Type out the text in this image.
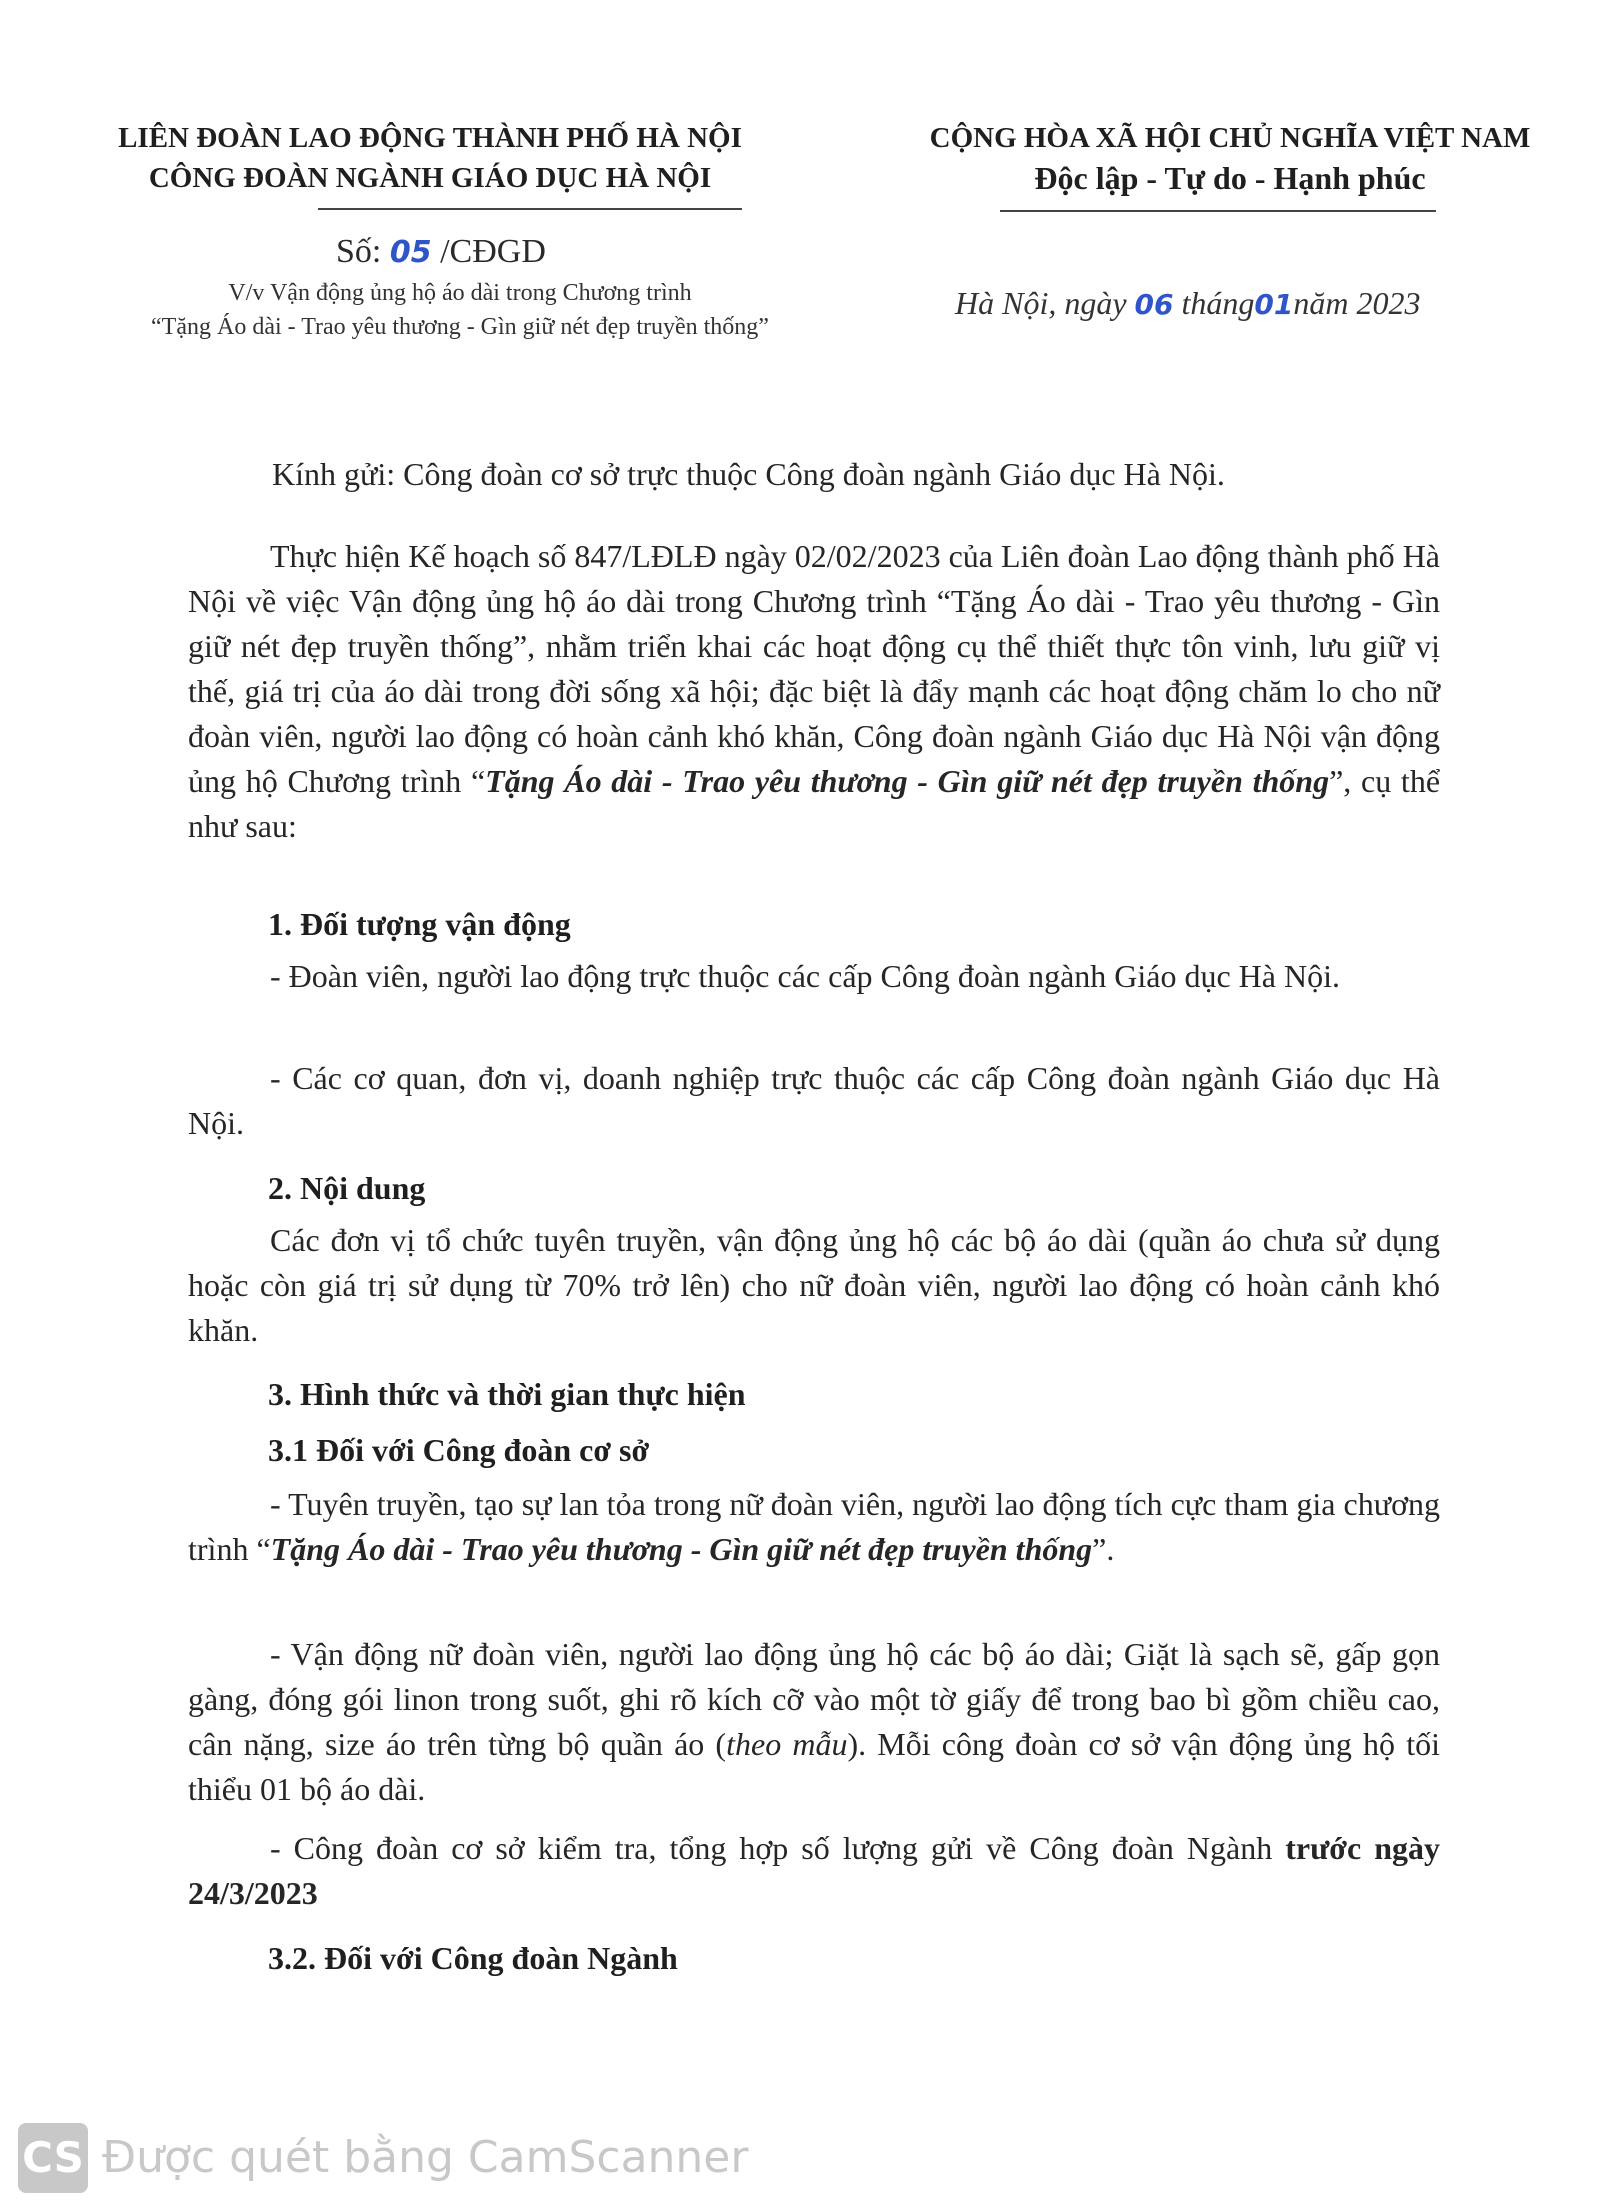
LIÊN ĐOÀN LAO ĐỘNG THÀNH PHỐ HÀ NỘI
CÔNG ĐOÀN NGÀNH GIÁO DỤC HÀ NỘI
CỘNG HÒA XÃ HỘI CHỦ NGHĨA VIỆT NAM
Độc lập - Tự do - Hạnh phúc
Số: 05 /CĐGD
V/v Vận động ủng hộ áo dài trong Chương trình
“Tặng Áo dài - Trao yêu thương - Gìn giữ nét đẹp truyền thống”
Hà Nội, ngày 06 tháng01năm 2023
Kính gửi: Công đoàn cơ sở trực thuộc Công đoàn ngành Giáo dục Hà Nội.
Thực hiện Kế hoạch số 847/LĐLĐ ngày 02/02/2023 của Liên đoàn Lao động thành phố Hà Nội về việc Vận động ủng hộ áo dài trong Chương trình “Tặng Áo dài - Trao yêu thương - Gìn giữ nét đẹp truyền thống”, nhằm triển khai các hoạt động cụ thể thiết thực tôn vinh, lưu giữ vị thế, giá trị của áo dài trong đời sống xã hội; đặc biệt là đẩy mạnh các hoạt động chăm lo cho nữ đoàn viên, người lao động có hoàn cảnh khó khăn, Công đoàn ngành Giáo dục Hà Nội vận động ủng hộ Chương trình “Tặng Áo dài - Trao yêu thương - Gìn giữ nét đẹp truyền thống”, cụ thể như sau:
1. Đối tượng vận động
- Đoàn viên, người lao động trực thuộc các cấp Công đoàn ngành Giáo dục Hà Nội.
- Các cơ quan, đơn vị, doanh nghiệp trực thuộc các cấp Công đoàn ngành Giáo dục Hà Nội.
2. Nội dung
Các đơn vị tổ chức tuyên truyền, vận động ủng hộ các bộ áo dài (quần áo chưa sử dụng hoặc còn giá trị sử dụng từ 70% trở lên) cho nữ đoàn viên, người lao động có hoàn cảnh khó khăn.
3. Hình thức và thời gian thực hiện
3.1 Đối với Công đoàn cơ sở
- Tuyên truyền, tạo sự lan tỏa trong nữ đoàn viên, người lao động tích cực tham gia chương trình “Tặng Áo dài - Trao yêu thương - Gìn giữ nét đẹp truyền thống”.
- Vận động nữ đoàn viên, người lao động ủng hộ các bộ áo dài; Giặt là sạch sẽ, gấp gọn gàng, đóng gói linon trong suốt, ghi rõ kích cỡ vào một tờ giấy để trong bao bì gồm chiều cao, cân nặng, size áo trên từng bộ quần áo (theo mẫu). Mỗi công đoàn cơ sở vận động ủng hộ tối thiểu 01 bộ áo dài.
- Công đoàn cơ sở kiểm tra, tổng hợp số lượng gửi về Công đoàn Ngành trước ngày 24/3/2023
3.2. Đối với Công đoàn Ngành
CS Được quét bằng CamScanner
